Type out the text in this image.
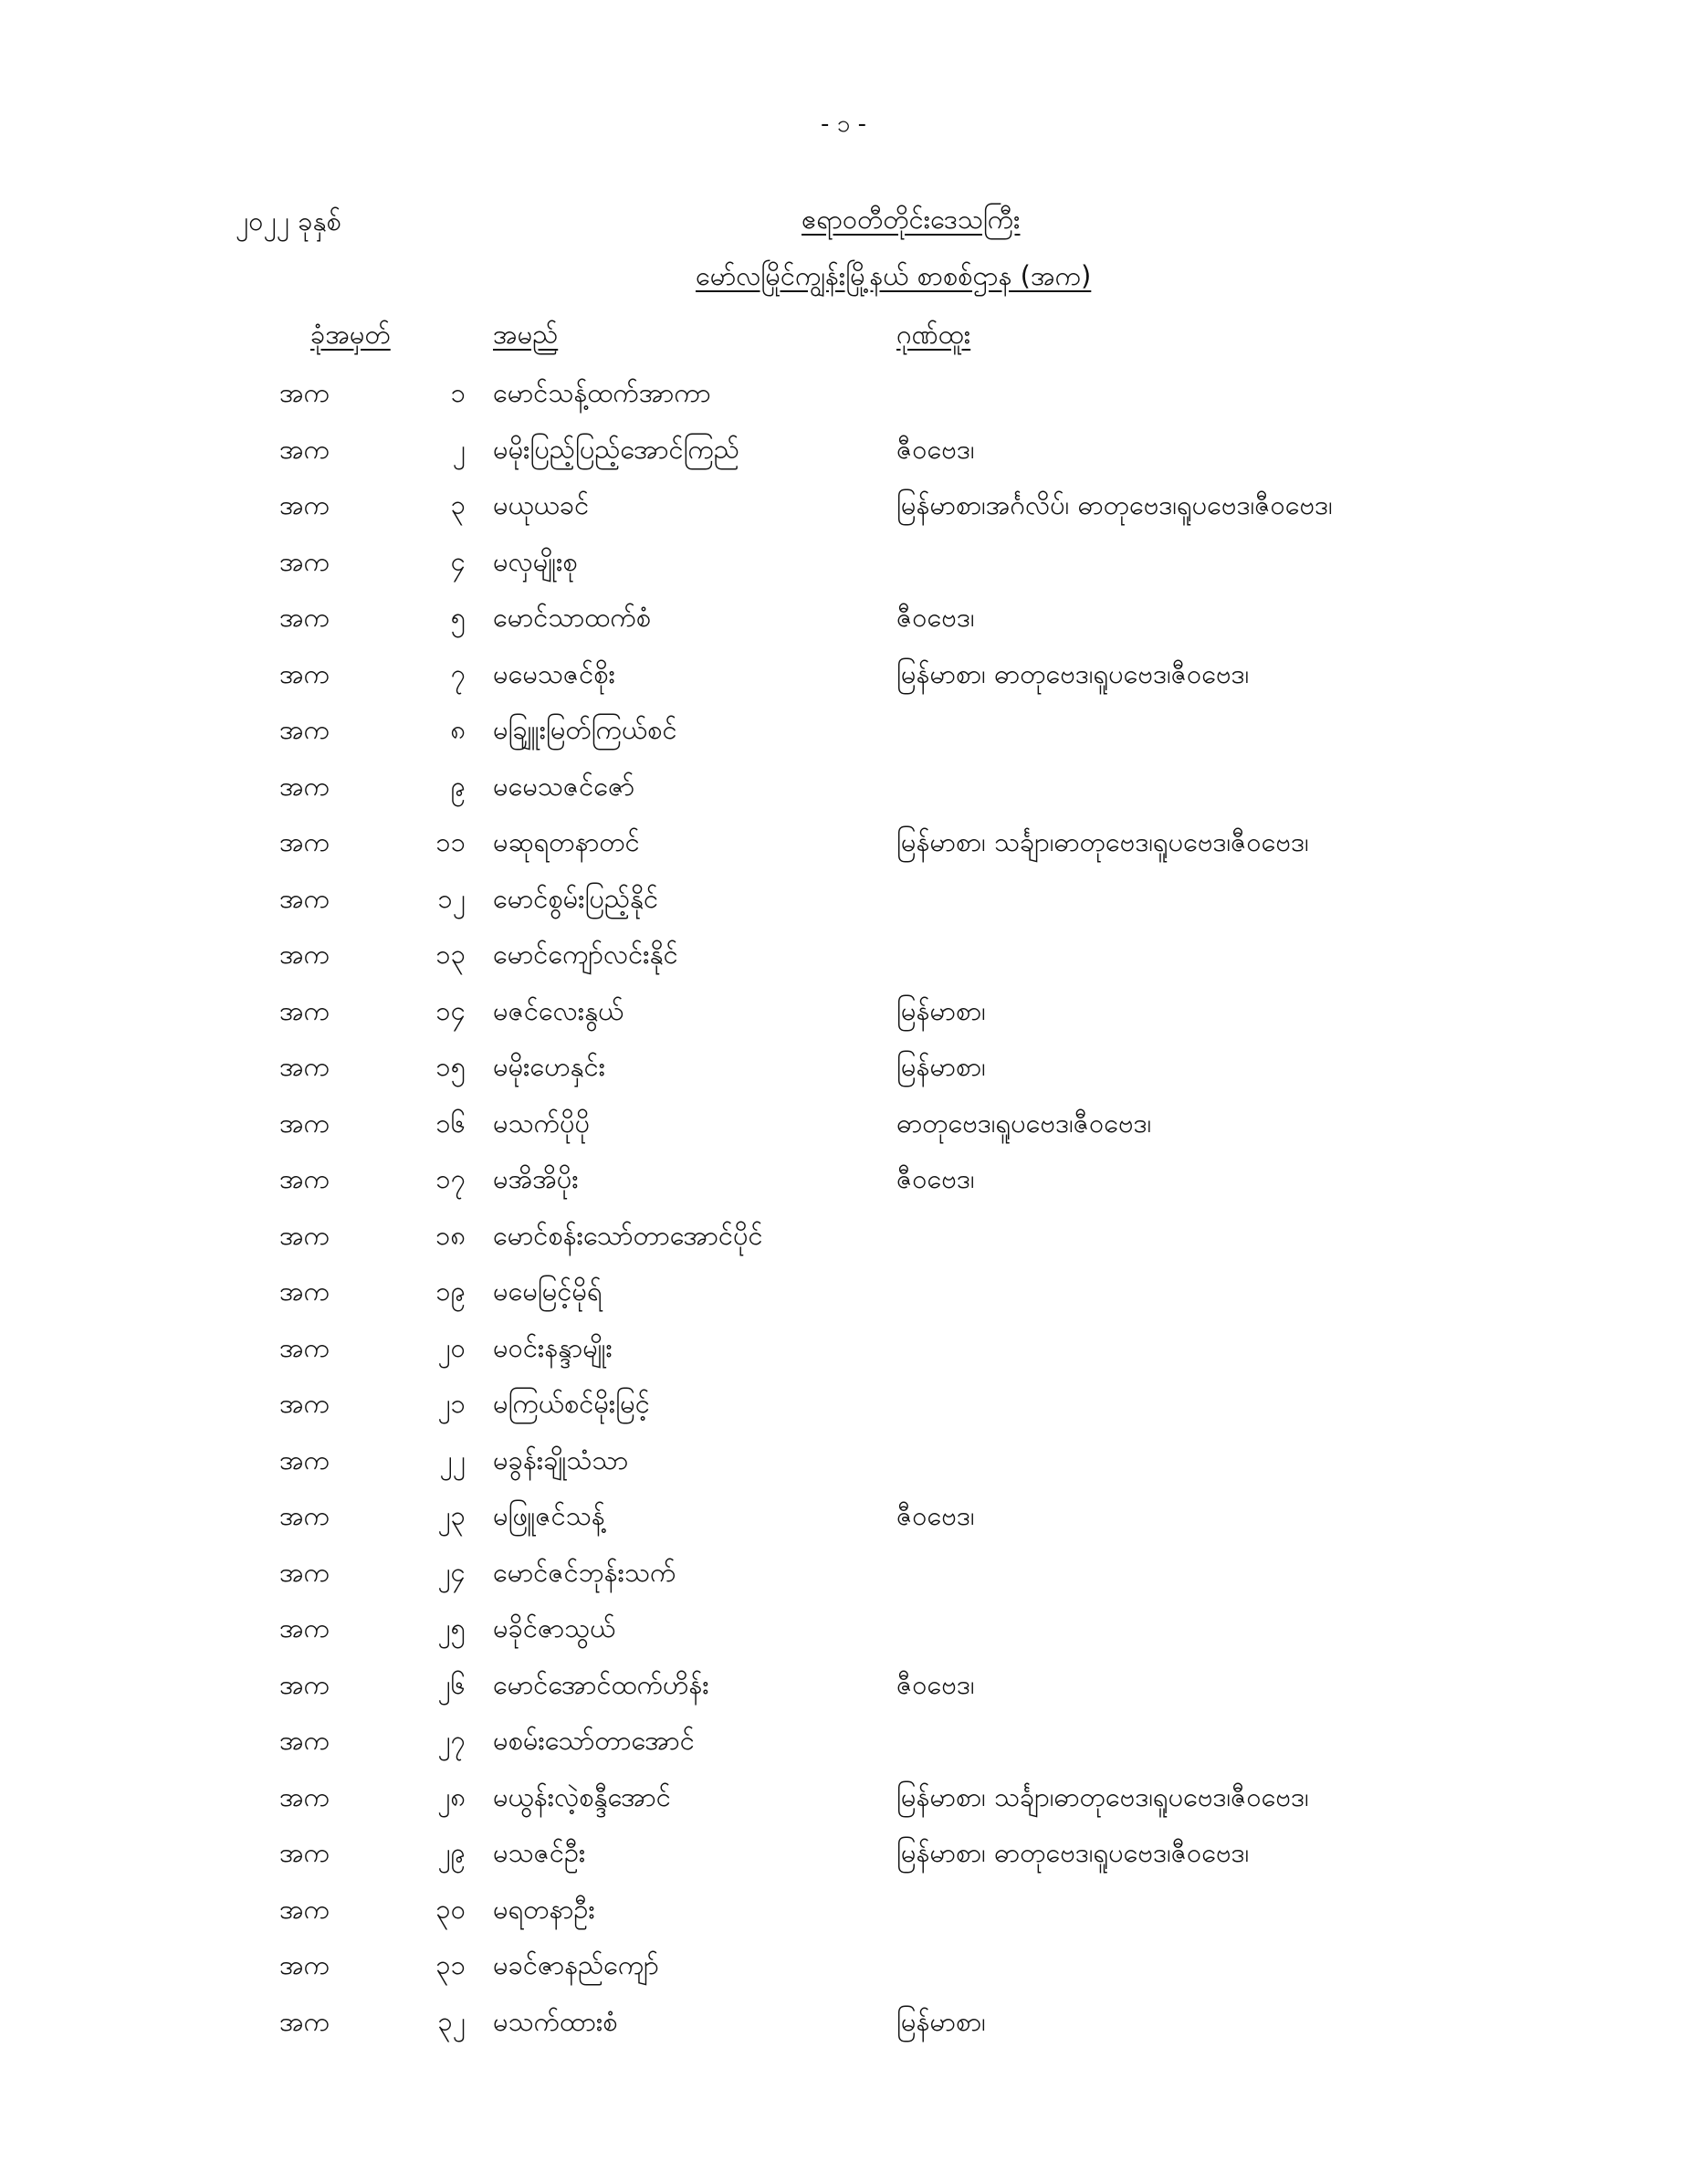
- ၁ -
၂၀၂၂ ခုနှစ်	ဧရာဝတီတိုင်းဒေသကြီး
မော်လမြိုင်ကျွန်းမြို့နယ် စာစစ်ဌာန (အက)
ခုံအမှတ်	အမည်	ဂုဏ်ထူး
အက	၁ မောင်သန့်ထက်အာကာ
အက	၂ မမိုးပြည့်ပြည့်အောင်ကြည်	ဇီဝဗေဒ၊
အက	၃ မယုယခင်	မြန်မာစာ၊အင်္ဂလိပ်၊ ဓာတုဗေဒ၊ရူပဗေဒ၊ဇီဝဗေဒ၊
အက	၄ မလှမျိုးစု
အက	၅ မောင်သာထက်စံ	ဇီဝဗေဒ၊
အက	၇ မမေသဇင်စိုး	မြန်မာစာ၊ ဓာတုဗေဒ၊ရူပဗေဒ၊ဇီဝဗေဒ၊
အက	၈ မချြူးမြတ်ကြယ်စင်
အက	၉ မမေသဇင်ဇော်
အက	၁၁ မဆုရတနာတင်	မြန်မာစာ၊ သင်္ချာ၊ဓာတုဗေဒ၊ရူပဗေဒ၊ဇီဝဗေဒ၊
အက	၁၂ မောင်စွမ်းပြည့်နိုင်
အက	၁၃ မောင်ကျော်လင်းနိုင်
အက	၁၄ မဇင်လေးနွယ်	မြန်မာစာ၊
အက	၁၅ မမိုးဟေနှင်း	မြန်မာစာ၊
အက	၁၆ မသက်ပိုပို	ဓာတုဗေဒ၊ရူပဗေဒ၊ဇီဝဗေဒ၊
အက	၁၇ မအိအိပိုး	ဇီဝဗေဒ၊
အက	၁၈ မောင်စန်းသော်တာအောင်ပိုင်
အက	၁၉ မမေမြင့်မိုရ်
အက	၂၀ မဝင်းနန္ဒာမျိုး
အက	၂၁ မကြယ်စင်မိုးမြင့်
အက	၂၂ မခွန်းချိုသံသာ
အက	၂၃ မဖြူဇင်သန့်	ဇီဝဗေဒ၊
အက	၂၄ မောင်ဇင်ဘုန်းသက်
အက	၂၅ မခိုင်ဇာသွယ်
အက	၂၆ မောင်အောင်ထက်ဟိန်း	ဇီဝဗေဒ၊
အက	၂၇ မစမ်းသော်တာအောင်
အက	၂၈ မယွန်းလဲ့စန္ဒီအောင်	မြန်မာစာ၊ သင်္ချာ၊ဓာတုဗေဒ၊ရူပဗေဒ၊ဇီဝဗေဒ၊
အက	၂၉ မသဇင်ဦး	မြန်မာစာ၊ ဓာတုဗေဒ၊ရူပဗေဒ၊ဇီဝဗေဒ၊
အက	၃၀ မရတနာဦး
အက	၃၁ မခင်ဇာနည်ကျော်
အက	၃၂ မသက်ထားစံ	မြန်မာစာ၊
